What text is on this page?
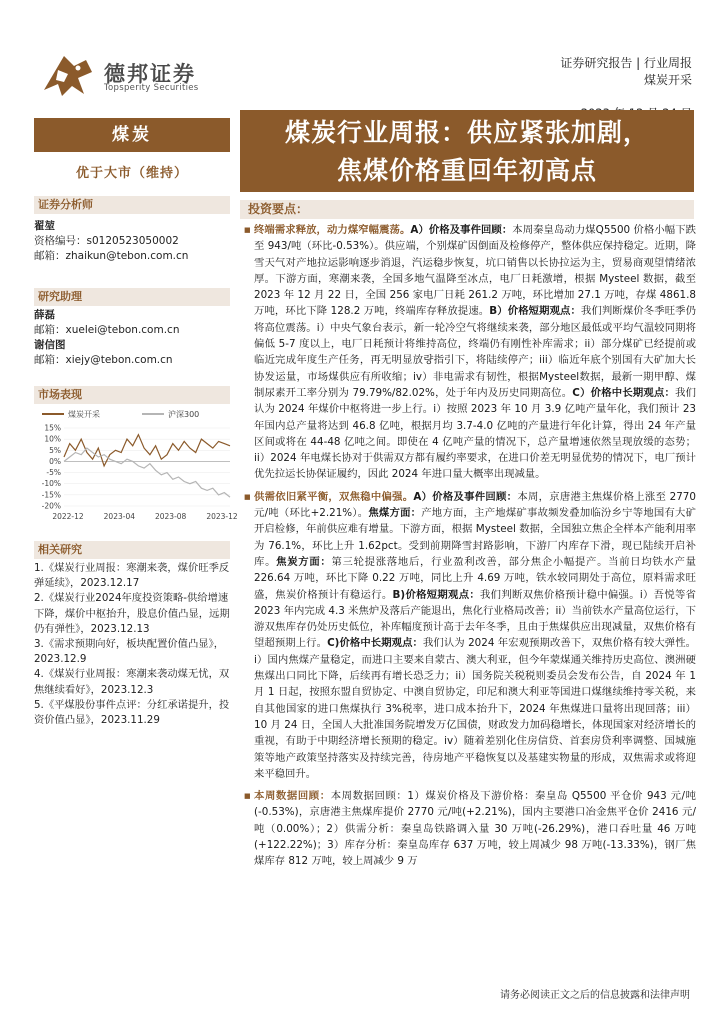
德邦证券
Topsperity Securities
证券研究报告 | 行业周报
煤炭开采
煤炭
优于大市（维持）
证券分析师
翟堃
资格编号：s0120523050002
邮箱：zhaikun@tebon.com.cn
研究助理
薛磊
邮箱：xuelei@tebon.com.cn
谢信图
邮箱：xiejy@tebon.com.cn
市场表现
煤炭开采	沪深300
15%
10%
5%
0%
-5%
-10%
-15%
-20%
2022-12	2023-04	2023-08	2023-12
相关研究
1.《煤炭行业周报：寒潮来袭，煤价旺季反弹延续》，2023.12.17
2.《煤炭行业2024年度投资策略-供给增速下降，煤价中枢抬升，股息价值凸显，远期仍有弹性》，2023.12.13
3.《需求预期向好，板块配置价值凸显》，2023.12.9
4.《煤炭行业周报：寒潮来袭动煤无忧，双焦继续看好》，2023.12.3
5.《平煤股份事件点评：分红承诺提升，投资价值凸显》，2023.11.29
煤炭行业周报：供应紧张加剧，
焦煤价格重回年初高点
投资要点：
■ 终端需求释放，动力煤窄幅震荡。A）价格及事件回顾：本周秦皇岛动力煤Q5500 价格小幅下跌至 943/吨（环比-0.53%）。供应端，个别煤矿因倒面及检修停产，整体供应保持稳定。近期，降雪天气对产地拉运影响逐步消退，汽运稳步恢复，坑口销售以长协拉运为主，贸易商观望情绪浓厚。下游方面，寒潮来袭，全国多地气温降至冰点，电厂日耗激增，根据 Mysteel 数据，截至 2023 年 12 月 22 日，全国 256 家电厂日耗 261.2 万吨，环比增加 27.1 万吨，存煤 4861.8 万吨，环比下降 128.2 万吨，终端库存释放提速。B）价格短期观点：我们判断煤价冬季旺季仍将高位震荡。i）中央气象台表示，新一轮冷空气将继续来袭，部分地区最低或平均气温较同期将偏低 5-7 度以上，电厂日耗预计将维持高位，终端仍有刚性补库需求；ii）部分煤矿已经提前或临近完成年度生产任务，再无明显放량指引下，将陆续停产；iii）临近年底个别国有大矿加大长协发运量，市场煤供应有所收缩；iv）非电需求有韧性，根据Mysteel数据，最新一期甲醇、煤制尿素开工率分别为 79.79%/82.02%，处于年内及历史同期高位。C）价格中长期观点：我们认为 2024 年煤价中枢将进一步上行。i）按照 2023 年 10 月 3.9 亿吨产量年化，我们预计 23 年国内总产量将达到 46.8 亿吨，根据月均 3.7-4.0 亿吨的产量进行年化计算，得出 24 年产量区间或将在 44-48 亿吨之间。即使在 4 亿吨产量的情况下，总产量增速依然呈现放缓的态势；ii）2024 年电煤长协对于供需双方都有履约率要求，在进口价差无明显优势的情况下，电厂预计优先拉运长协保证履约，因此 2024 年进口量大概率出现减量。
■ 供需依旧紧平衡，双焦稳中偏强。A）价格及事件回顾：本周，京唐港主焦煤价格上涨至 2770 元/吨（环比+2.21%）。焦煤方面：产地方面，主产地煤矿事故频发叠加临汾乡宁等地国有大矿开启检修，年前供应难有增量。下游方面，根据 Mysteel 数据，全国独立焦企全样本产能利用率为 76.1%，环比上升 1.62pct。受到前期降雪封路影响，下游厂内库存下滑，现已陆续开启补库。焦炭方面：第三轮提涨落地后，行业盈利改善，部分焦企小幅提产。当前日均铁水产量 226.64 万吨，环比下降 0.22 万吨，同比上升 4.69 万吨，铁水较同期处于高位，原料需求旺盛，焦炭价格预计有稳运行。B)价格短期观点：我们判断双焦价格预计稳中偏强。i）吾悦等省 2023 年内完成 4.3 米焦炉及落后产能退出，焦化行业格局改善；ii）当前铁水产量高位运行，下游双焦库存仍处历史低位，补库幅度预计高于去年冬季，且由于焦煤供应出现减量，双焦价格有望超预期上行。C)价格中长期观点：我们认为 2024 年宏观预期改善下，双焦价格有较大弹性。i）国内焦煤产量稳定，而进口主要来自蒙古、澳大利亚，但今年蒙煤通关维持历史高位、澳洲硬焦煤出口同比下降，后续再有增长恐乏力；ii）国务院关税税则委员会发布公告，自 2024 年 1 月 1 日起，按照东盟自贸协定、中澳自贸协定，印尼和澳大利亚等国进口煤继续维持零关税，来自其他国家的进口焦煤执行 3%税率，进口成本抬升下，2024 年焦煤进口量将出现回落；iii）10 月 24 日，全国人大批准国务院增发万亿国债，财政发力加码稳增长，体现国家对经济增长的重视，有助于中期经济增长预期的稳定。iv）随着差别化住房信贷、首套房贷利率调整、国城施策等地产政策坚持落实及持续完善，待房地产平稳恢复以及基建实物量的形成，双焦需求或将迎来平稳回升。
■ 本周数据回顾：本周数据回顾：1）煤炭价格及下游价格：秦皇岛 Q5500 平仓价 943 元/吨(-0.53%)，京唐港主焦煤库提价 2770 元/吨(+2.21%)，国内主要港口冶金焦平仓价 2416 元/吨（0.00%）；2）供需分析：秦皇岛铁路调入量 30 万吨(-26.29%)，港口吞吐量 46 万吨(+122.22%)；3）库存分析：秦皇岛库存 637 万吨，较上周减少 98 万吨(-13.33%)，钢厂焦煤库存 812 万吨，较上周减少 9 万
请务必阅读正文之后的信息披露和法律声明
